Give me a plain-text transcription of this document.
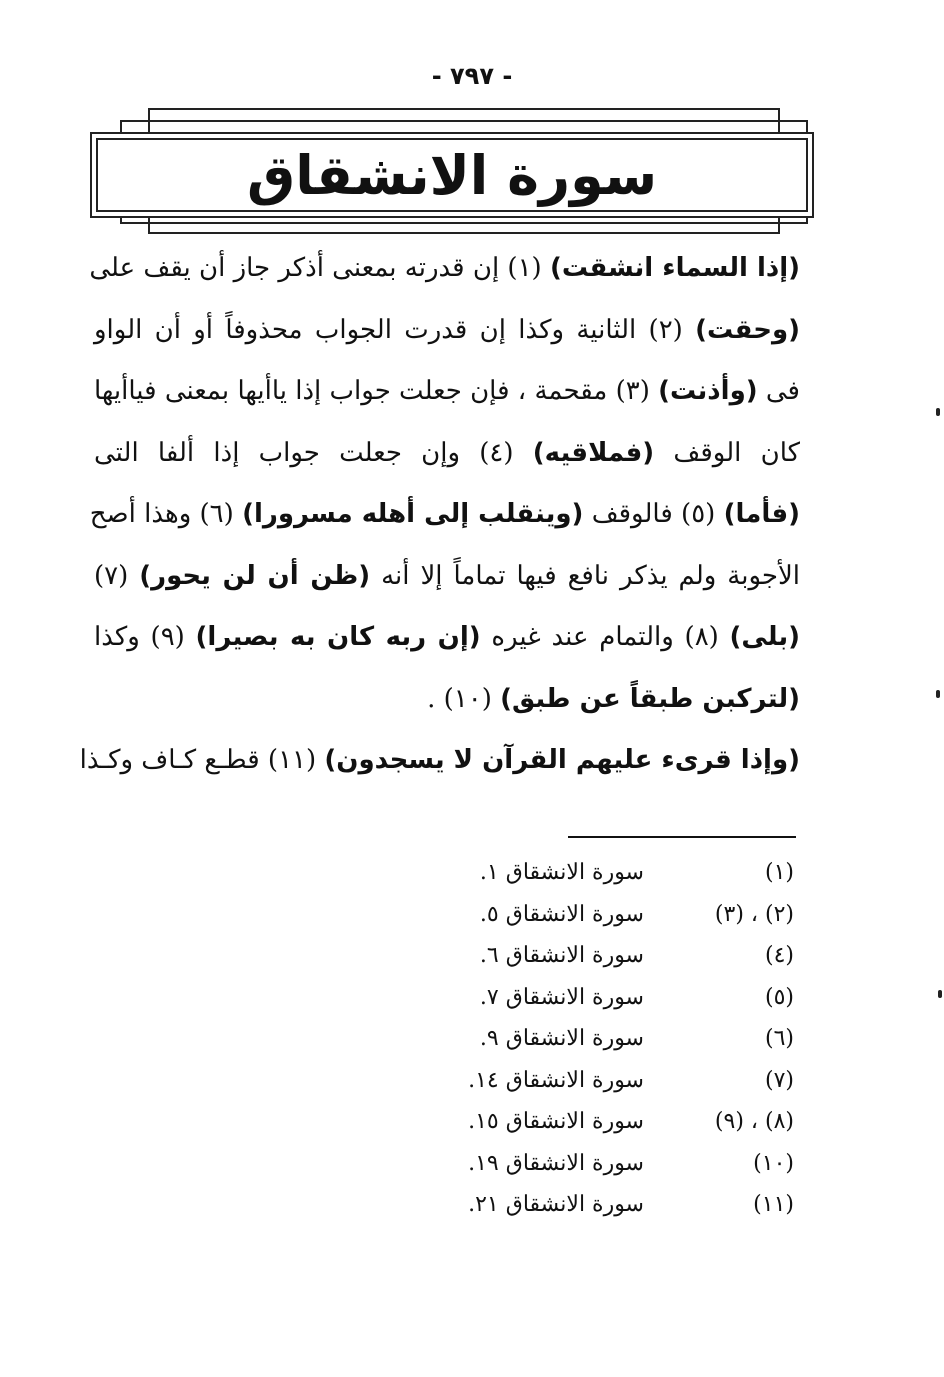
- ٧٩٧ -
سورة الانشقاق
(إذا السماء انشقت) (١) إن قدرته بمعنى أذكر جاز أن يقف على
(وحقت) (٢) الثانية وكذا إن قدرت الجواب محذوفاً أو أن الواو
فى (وأذنت) (٣) مقحمة ، فإن جعلت جواب إذا ياأيها بمعنى فياأيها
كان الوقف (فملاقيه) (٤) وإن جعلت جواب إذا ألفا التى
(فأما) (٥) فالوقف (وينقلب إلى أهله مسرورا) (٦) وهذا أصح
الأجوبة ولم يذكر نافع فيها تماماً إلا أنه (ظن أن لن يحور) (٧)
(بلى) (٨) والتمام عند غيره (إن ربه كان به بصيرا) (٩) وكذا
(لتركبن طبقاً عن طبق) (١٠) .
(وإذا قرىء عليهم القرآن لا يسجدون) (١١) قطـع كـاف وكـذا
(١)
سورة الانشقاق ١.
(٢) ، (٣)
سورة الانشقاق ٥.
(٤)
سورة الانشقاق ٦.
(٥)
سورة الانشقاق ٧.
(٦)
سورة الانشقاق ٩.
(٧)
سورة الانشقاق ١٤.
(٨) ، (٩)
سورة الانشقاق ١٥.
(١٠)
سورة الانشقاق ١٩.
(١١)
سورة الانشقاق ٢١.
